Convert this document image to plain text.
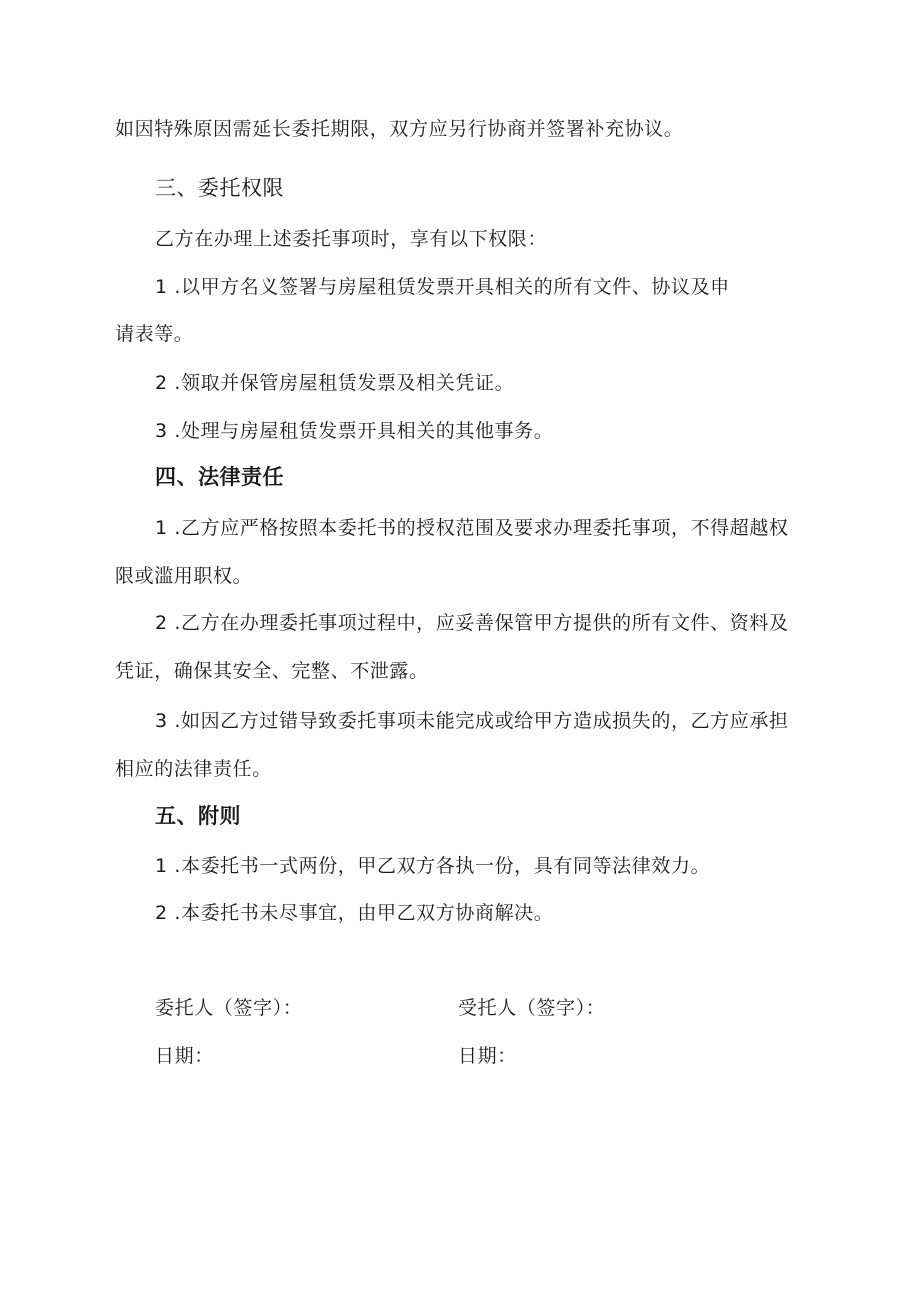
如因特殊原因需延长委托期限，双方应另行协商并签署补充协议。
三、委托权限
乙方在办理上述委托事项时，享有以下权限：
1 .以甲方名义签署与房屋租赁发票开具相关的所有文件、协议及申
请表等。
2 .领取并保管房屋租赁发票及相关凭证。
3 .处理与房屋租赁发票开具相关的其他事务。
四、法律责任
1 .乙方应严格按照本委托书的授权范围及要求办理委托事项，不得超越权
限或滥用职权。
2 .乙方在办理委托事项过程中，应妥善保管甲方提供的所有文件、资料及
凭证，确保其安全、完整、不泄露。
3 .如因乙方过错导致委托事项未能完成或给甲方造成损失的，乙方应承担
相应的法律责任。
五、附则
1 .本委托书一式两份，甲乙双方各执一份，具有同等法律效力。
2 .本委托书未尽事宜，由甲乙双方协商解决。
委托人（签字）：	受托人（签字）：
日期：	日期：
